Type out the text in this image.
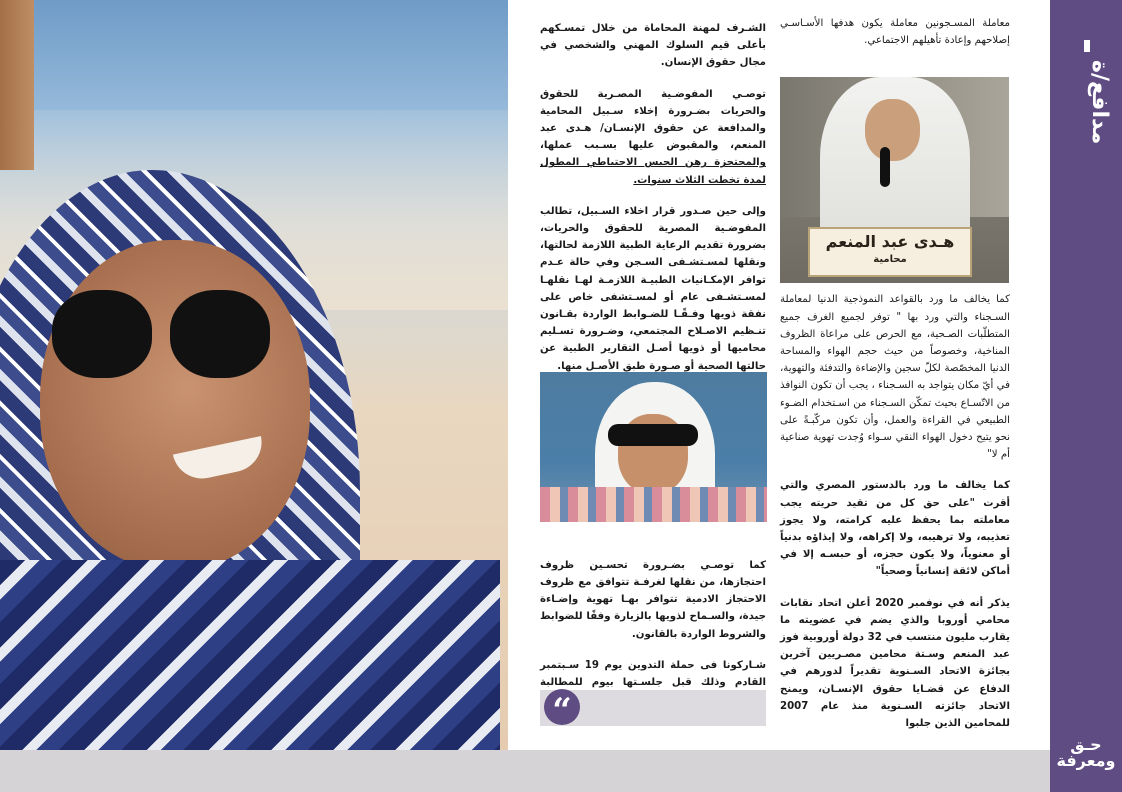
معاملة المسـجونين معاملة يكون هدفها الأسـاسـي إصلاحهم وإعادة تأهيلهم الاجتماعي.

كما يخالف ما ورد بالقواعد النموذجية الدنيا لمعاملة السـجناء والتي ورد بها " توفر لجميع الغرف جميع المتطلّبات الصـحية، مع الحرص على مراعاة الظروف المناخية، وخصوصاً من حيث حجم الهواء والمساحة الدنيا المخصّصة لكلّ سجين والإضاءة والتدفئة والتهوية، في أيّ مكان يتواجد به السـجناء ، يجب أن تكون النوافذ من الاتّسـاع بحيث تمكّن السـجناء من اسـتخدام الضـوء الطبيعي في القراءة والعمل، وأن تكون مركّبـةً على نحو يتيح دخول الهواء النقي سـواء وُجدت تهوية صناعية أم لا"

كما يخالف ما ورد بالدستور المصري والتي أقرت "على حق كل من تقيد حريته يجب معاملته بما يحفظ عليه كرامته، ولا يجوز تعذيبه، ولا ترهيبه، ولا إكراهه، ولا إيذاؤه بدنياً أو معنوياً، ولا يكون حجزه، أو حبسـه إلا في أماكن لائقة إنسانياً وصحياً"

يذكر أنه في نوفمبر 2020 أعلن اتحاد نقابات محامي أوروبا والذي يضم في عضويته ما يقارب مليون منتسب في 32 دولة أوروبية فوز عبد المنعم وسـتة محامين مصـريين آخرين بجائزة الاتحاد السـنوية تقديراً لدورهم في الدفاع عن قضـايا حقوق الإنسـان، ويمنح الاتحاد جائزته السـنوية منذ عام 2007 للمحامين الذين جلبوا

هـدى عبد المنعم
محامية

الشـرف لمهنة المحاماة من خلال تمسـكهم بأعلى قيم السلوك المهني والشخصي في مجال حقوق الإنسان.

توصـي المفوضـية المصـرية للحقوق والحريات بضـرورة إخلاء سـبيل المحامية والمدافعة عن حقوق الإنسـان/ هـدى عبد المنعم، والمقبوض عليها بسـبب عملها، والمحتجزة رهن الحبس الاحتياطي المطول لمدة تخطت الثلاث سنوات.

وإلى حين صـدور قرار اخلاء السـبيل، تطالب المفوضـية المصرية للحقوق والحريات، بضرورة تقديم الرعاية الطبية اللازمة لحالتها، ونقلها لمسـتشـفى السـجن وفي حالة عـدم توافر الإمكـانيات الطبيـة اللازمـة لهـا نقلهـا لمسـتشـفى عام أو لمسـتشفى خاص على نفقة ذويها وفـقًـا للضـوابط الواردة بقـانون تنـظيم الاصـلاح المجتمعي، وضـرورة تسـليم محاميها أو ذويها أصـل التقارير الطبية عن حالتها الصحية أو صـورة طبق الأصـل منها.

كما توصـي بضـرورة تحسـين ظروف احتجازها، من نقلها لغرفـة تتوافق مع ظروف الاحتجاز الادمية تتوافر بهـا تهوية وإضـاءة جيدة، والسـماح لذويها بالزيارة وفقًا للضوابط والشروط الواردة بالقانون.

شـاركونا فى حملة التدوين يوم 19 سـبتمبر القادم وذلك قبل جلسـتها بيوم للمطالبة

“
مدافع/ة
حـق
ومعرفة
